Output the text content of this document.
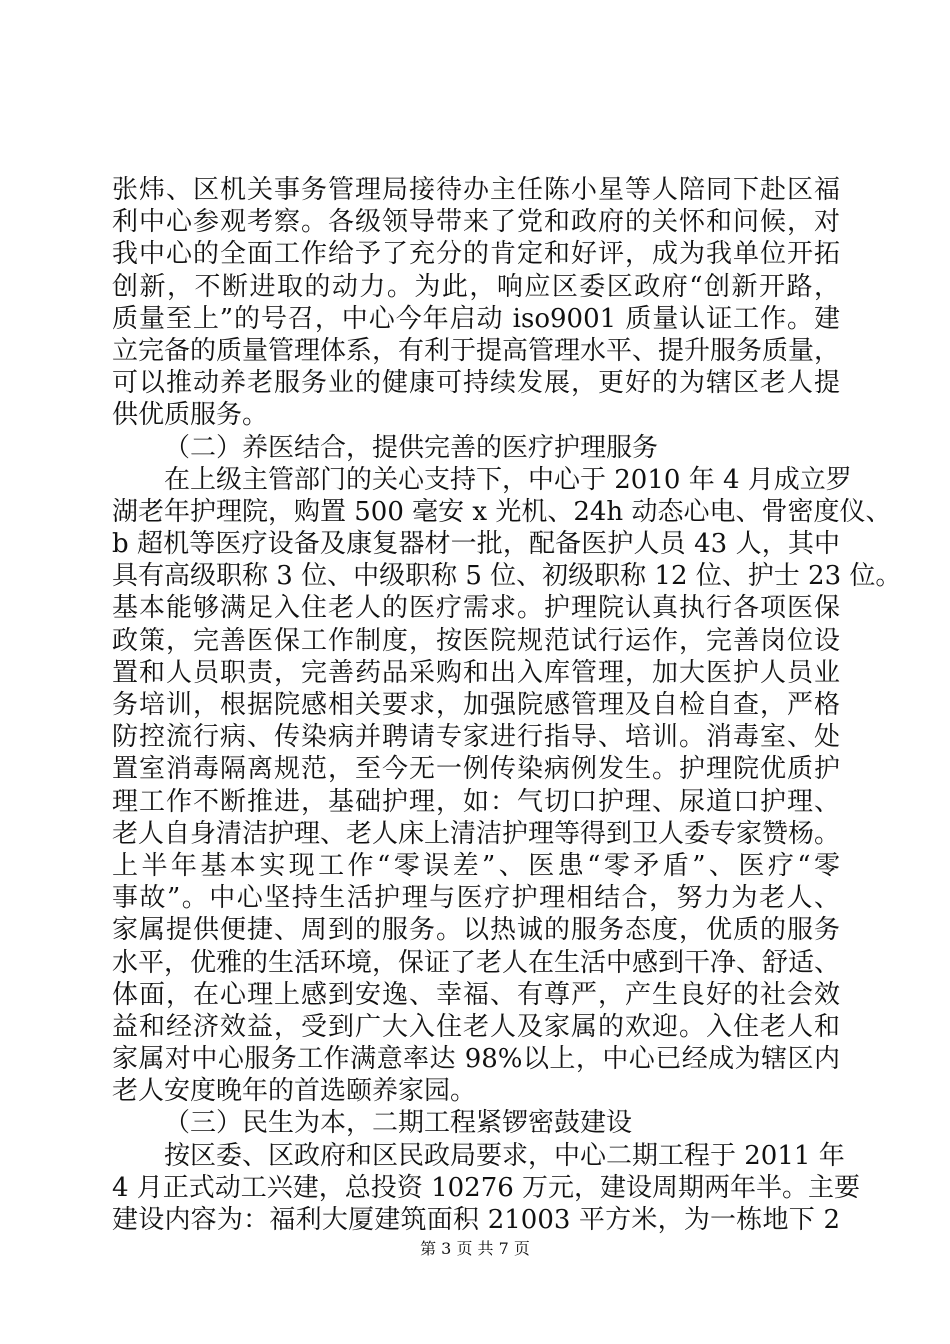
张炜、区机关事务管理局接待办主任陈小星等人陪同下赴区福
利中心参观考察。各级领导带来了党和政府的关怀和问候，对
我中心的全面工作给予了充分的肯定和好评，成为我单位开拓
创新，不断进取的动力。为此，响应区委区政府“创新开路，
质量至上”的号召，中心今年启动 iso9001 质量认证工作。建
立完备的质量管理体系，有利于提高管理水平、提升服务质量，
可以推动养老服务业的健康可持续发展，更好的为辖区老人提
供优质服务。
（二）养医结合，提供完善的医疗护理服务
在上级主管部门的关心支持下，中心于 2010 年 4 月成立罗
湖老年护理院，购置 500 毫安 x 光机、24h 动态心电、骨密度仪、
b 超机等医疗设备及康复器材一批，配备医护人员 43 人，其中
具有高级职称 3 位、中级职称 5 位、初级职称 12 位、护士 23 位。
基本能够满足入住老人的医疗需求。护理院认真执行各项医保
政策，完善医保工作制度，按医院规范试行运作，完善岗位设
置和人员职责，完善药品采购和出入库管理，加大医护人员业
务培训，根据院感相关要求，加强院感管理及自检自查，严格
防控流行病、传染病并聘请专家进行指导、培训。消毒室、处
置室消毒隔离规范，至今无一例传染病例发生。护理院优质护
理工作不断推进，基础护理，如：气切口护理、尿道口护理、
老人自身清洁护理、老人床上清洁护理等得到卫人委专家赞杨。
上半年基本实现工作“零误差”、医患“零矛盾”、医疗“零
事故”。中心坚持生活护理与医疗护理相结合，努力为老人、
家属提供便捷、周到的服务。以热诚的服务态度，优质的服务
水平，优雅的生活环境，保证了老人在生活中感到干净、舒适、
体面，在心理上感到安逸、幸福、有尊严，产生良好的社会效
益和经济效益，受到广大入住老人及家属的欢迎。入住老人和
家属对中心服务工作满意率达 98%以上，中心已经成为辖区内
老人安度晚年的首选颐养家园。
（三）民生为本，二期工程紧锣密鼓建设
按区委、区政府和区民政局要求，中心二期工程于 2011 年
4 月正式动工兴建，总投资 10276 万元，建设周期两年半。主要
建设内容为：福利大厦建筑面积 21003 平方米，为一栋地下 2
第 3 页 共 7 页
